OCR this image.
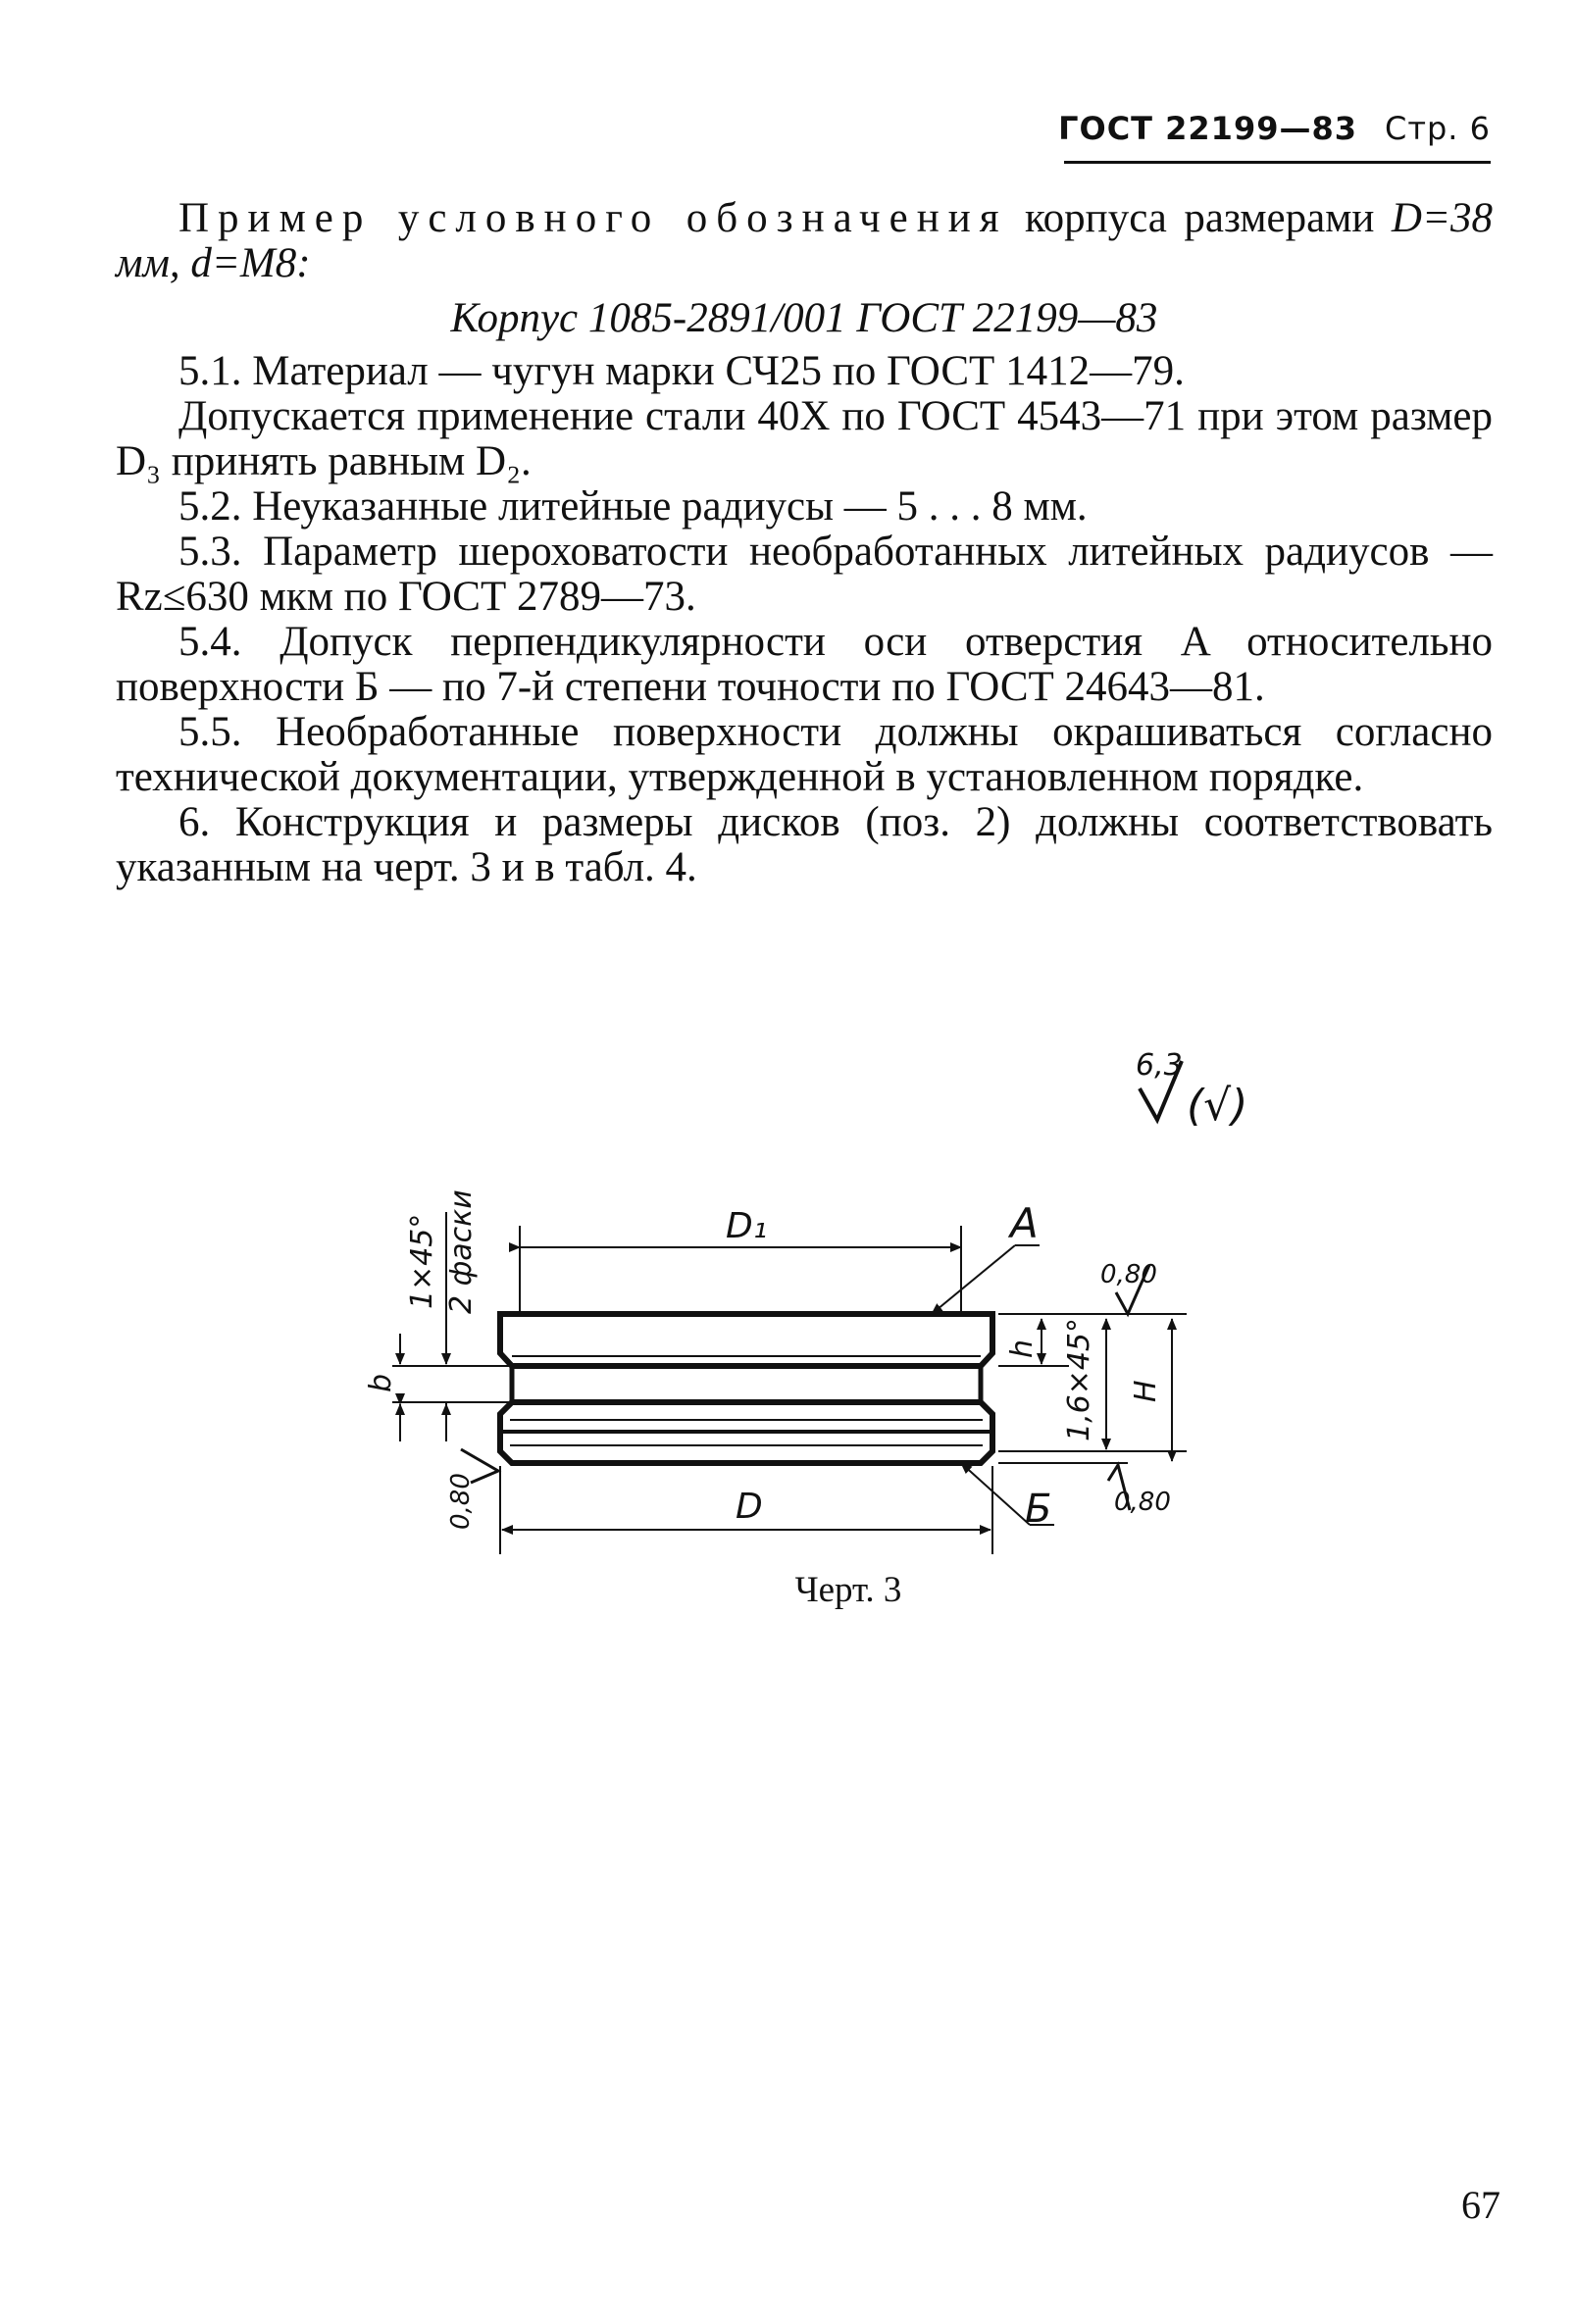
ГОСТ 22199—83 Стр. 6

Пример условного обозначения корпуса размерами D=38 мм, d=M8:

Корпус 1085-2891/001 ГОСТ 22199—83

5.1. Материал — чугун марки СЧ25 по ГОСТ 1412—79.

Допускается применение стали 40Х по ГОСТ 4543—71 при этом размер D₃ принять равным D₂.

5.2. Неуказанные литейные радиусы — 5 . . . 8 мм.

5.3. Параметр шероховатости необработанных литейных радиусов — Rz≤630 мкм по ГОСТ 2789—73.

5.4. Допуск перпендикулярности оси отверстия A относительно поверхности Б — по 7-й степени точности по ГОСТ 24643—81.

5.5. Необработанные поверхности должны окрашиваться согласно технической документации, утвержденной в установленном порядке.

6. Конструкция и размеры дисков (поз. 2) должны соответствовать указанным на черт. 3 и в табл. 4.

6,3
(√)
D₁
D
A
Б
h 1,6×45° H
0,80
0,80
0,80
b
1×45° 2 фаски
Черт. 3
67
